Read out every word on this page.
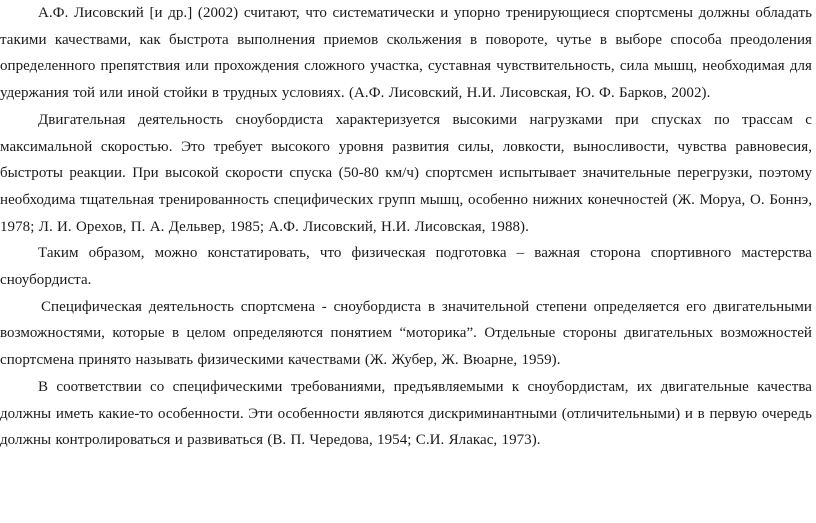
А.Ф. Лисовский [и др.] (2002) считают, что систематически и упорно тренирующиеся спортсмены должны обладать такими качествами, как быстрота выполнения приемов скольжения в повороте, чутье в выборе способа преодоления определенного препятствия или прохождения сложного участка, суставная чувствительность, сила мышц, необходимая для удержания той или иной стойки в трудных условиях. (А.Ф. Лисовский, Н.И. Лисовская, Ю. Ф. Барков, 2002).

Двигательная деятельность сноубордиста характеризуется высокими нагрузками при спусках по трассам с максимальной скоростью. Это требует высокого уровня развития силы, ловкости, выносливости, чувства равновесия, быстроты реакции. При высокой скорости спуска (50-80 км/ч) спортсмен испытывает значительные перегрузки, поэтому необходима тщательная тренированность специфических групп мышц, особенно нижних конечностей (Ж. Моруа, О. Боннэ, 1978; Л. И. Орехов, П. А. Дельвер, 1985; А.Ф. Лисовский, Н.И. Лисовская, 1988).

Таким образом, можно констатировать, что физическая подготовка – важная сторона спортивного мастерства сноубордиста.

Специфическая деятельность спортсмена - сноубордиста в значительной степени определяется его двигательными возможностями, которые в целом определяются понятием “моторика”. Отдельные стороны двигательных возможностей спортсмена принято называть физическими качествами (Ж. Жубер, Ж. Вюарне, 1959).

В соответствии со специфическими требованиями, предъявляемыми к сноубордистам, их двигательные качества должны иметь какие-то особенности. Эти особенности являются дискриминантными (отличительными) и в первую очередь должны контролироваться и развиваться (В. П. Чередова, 1954; С.И. Ялакас, 1973).
